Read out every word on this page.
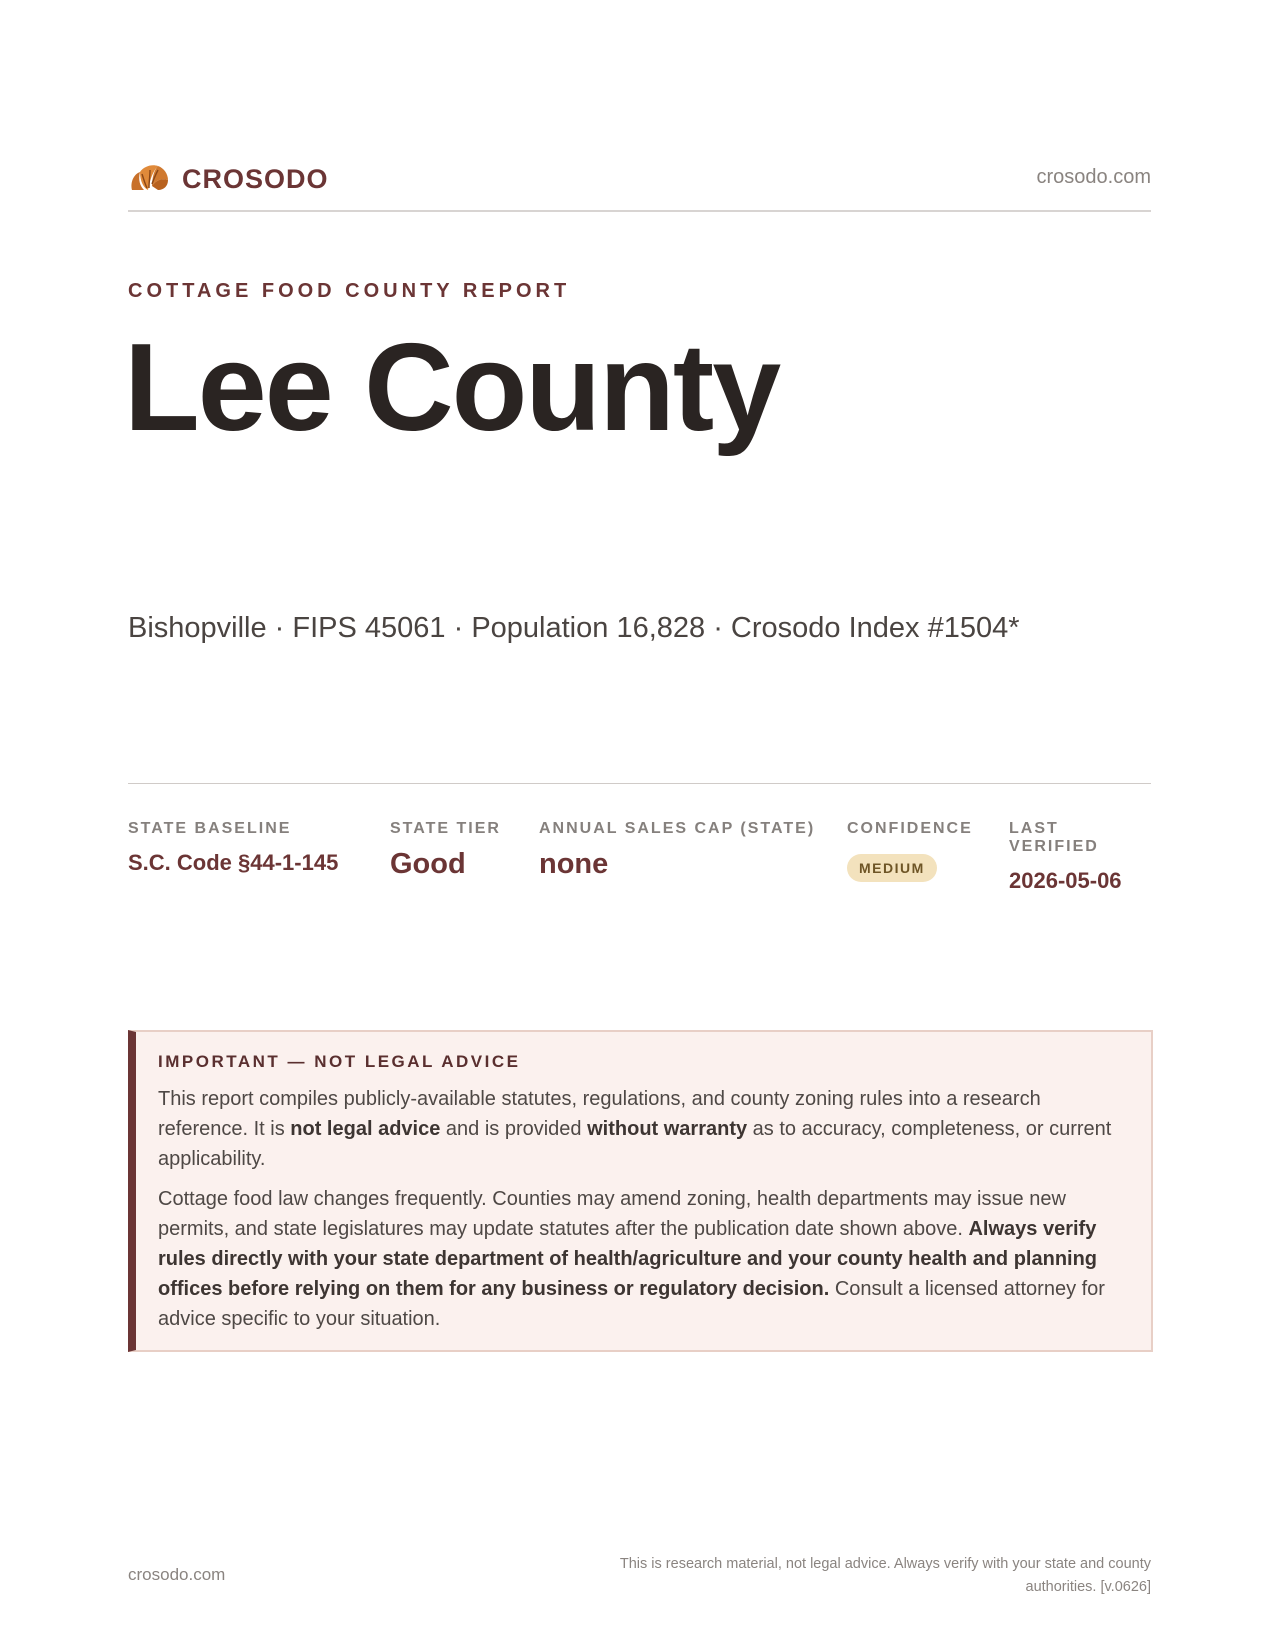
CROSODO	crosodo.com
COTTAGE FOOD COUNTY REPORT
Lee County
Bishopville · FIPS 45061 · Population 16,828 · Crosodo Index #1504*
STATE BASELINE
S.C. Code §44-1-145
STATE TIER
Good
ANNUAL SALES CAP (STATE)
none
CONFIDENCE
MEDIUM
LAST VERIFIED
2026-05-06
IMPORTANT — NOT LEGAL ADVICE

This report compiles publicly-available statutes, regulations, and county zoning rules into a research reference. It is not legal advice and is provided without warranty as to accuracy, completeness, or current applicability.

Cottage food law changes frequently. Counties may amend zoning, health departments may issue new permits, and state legislatures may update statutes after the publication date shown above. Always verify rules directly with your state department of health/agriculture and your county health and planning offices before relying on them for any business or regulatory decision. Consult a licensed attorney for advice specific to your situation.

crosodo.com
This is research material, not legal advice. Always verify with your state and county authorities. [v.0626]
